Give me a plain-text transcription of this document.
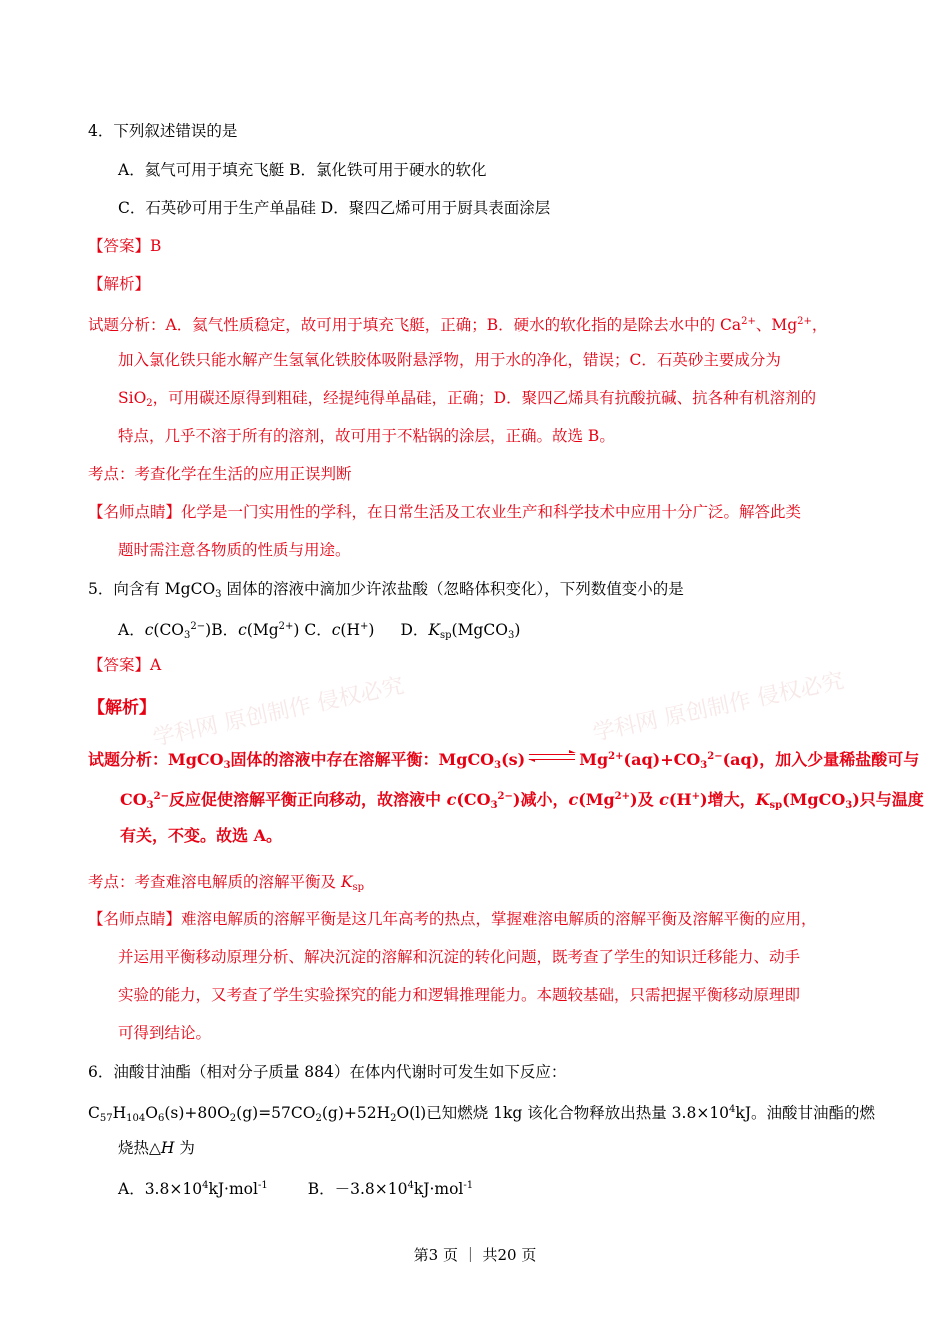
学科网 原创制作 侵权必究	学科网 原创制作 侵权必究
4．下列叙述错误的是
A．氦气可用于填充飞艇 B．氯化铁可用于硬水的软化
C．石英砂可用于生产单晶硅 D．聚四乙烯可用于厨具表面涂层
【答案】B
【解析】
试题分析：A．氦气性质稳定，故可用于填充飞艇，正确；B．硬水的软化指的是除去水中的 $Ca^{2+}$、$Mg^{2+}$，
加入氯化铁只能水解产生氢氧化铁胶体吸附悬浮物，用于水的净化，错误；C．石英砂主要成分为
SiO$_2$，可用碳还原得到粗硅，经提纯得单晶硅，正确；D．聚四乙烯具有抗酸抗碱、抗各种有机溶剂的
特点，几乎不溶于所有的溶剂，故可用于不粘锅的涂层，正确。故选 B。
考点：考查化学在生活的应用正误判断
【名师点睛】化学是一门实用性的学科，在日常生活及工农业生产和科学技术中应用十分广泛。解答此类
题时需注意各物质的性质与用途。
5．向含有 MgCO$_3$ 固体的溶液中滴加少许浓盐酸（忽略体积变化），下列数值变小的是
A．$c(CO_3^{2-})B$．$c(Mg^{2+})$ C．c(H+) D．$K_{sp}(MgCO_3)$
【答案】A
【解析】
试题分析：MgCO$_3$固体的溶液中存在溶解平衡：MgCO$_3$(s)	$Mg^{2+}(aq)+CO_3^{2-}(aq)$，加入少量稀盐酸可与
$CO_3^{2-}$反应促使溶解平衡正向移动，故溶液中 $c(CO_3^{2-})$减小，$c(Mg^{2+})$及 c(H+)增大，$K_{sp}(MgCO_3)$只与温度
有关，不变。故选 A。
考点：考查难溶电解质的溶解平衡及 $K_{sp}$
【名师点睛】难溶电解质的溶解平衡是这几年高考的热点，掌握难溶电解质的溶解平衡及溶解平衡的应用，
并运用平衡移动原理分析、解决沉淀的溶解和沉淀的转化问题，既考查了学生的知识迁移能力、动手
实验的能力，又考查了学生实验探究的能力和逻辑推理能力。本题较基础，只需把握平衡移动原理即
可得到结论。
6．油酸甘油酯（相对分子质量 884）在体内代谢时可发生如下反应：
$C_{57}H_{104}O_6(s)+80O_2(g)=57CO_2(g)+52H_2O(l)$已知燃烧 1kg 该化合物释放出热量 $3.8\times 10^4kJ$。油酸甘油酯的燃
烧热△H 为
A．$3.8\times 10^4kJ\cdot mol^{-1}$	B．$-3.8\times 10^4kJ\cdot mol^{-1}$
第3 页 ｜ 共20 页
